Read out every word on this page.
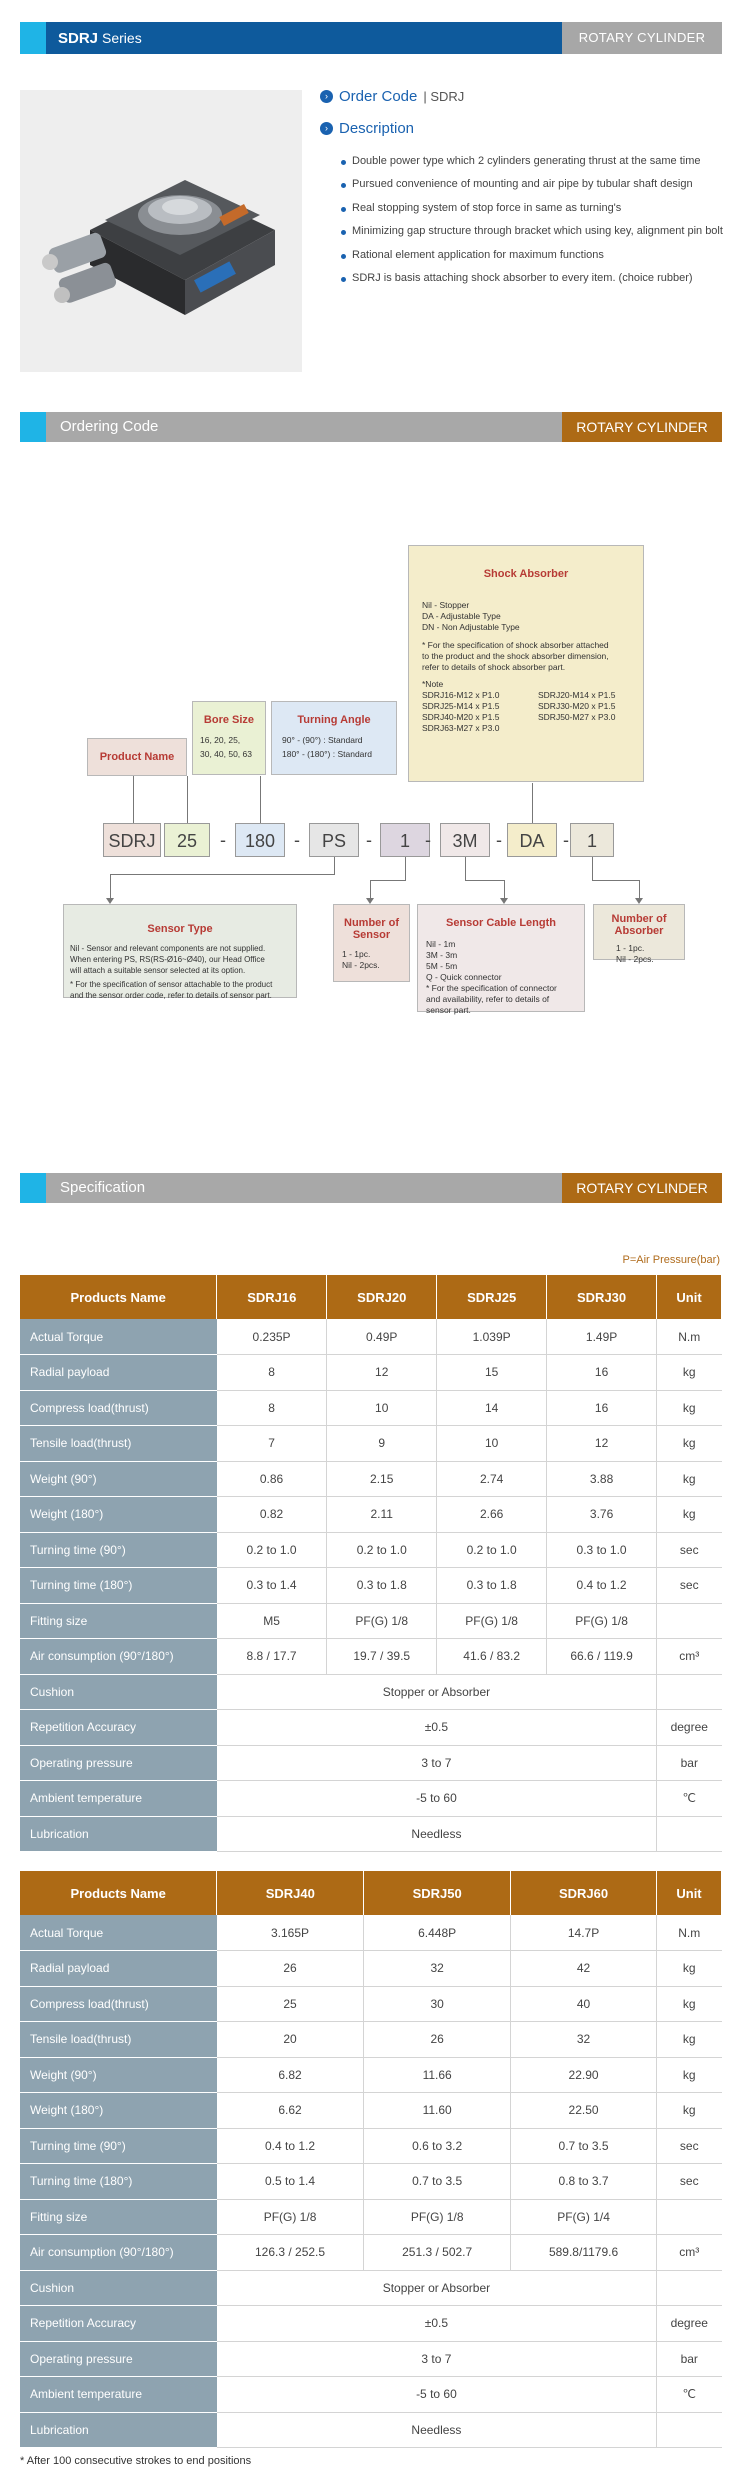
SDRJ Series	ROTARY CYLINDER
› Order Code | SDRJ
› Description
Double power type which 2 cylinders generating thrust at the same time
Pursued convenience of mounting and air pipe by tubular shaft design
Real stopping system of stop force in same as turning's
Minimizing gap structure through bracket which using key, alignment pin bolt
Rational element application for maximum functions
SDRJ is basis attaching shock absorber to every item. (choice rubber)
Ordering Code	ROTARY CYLINDER
Shock Absorber
Nil - Stopper
DA - Adjustable Type
DN - Non Adjustable Type
* For the specification of shock absorber attached
to the product and the shock absorber dimension,
refer to details of shock absorber part.
*Note
SDRJ16-M12 x P1.0
SDRJ25-M14 x P1.5
SDRJ40-M20 x P1.5
SDRJ63-M27 x P3.0
SDRJ20-M14 x P1.5
SDRJ30-M20 x P1.5
SDRJ50-M27 x P3.0
Bore Size
16, 20, 25,
30, 40, 50, 63
Turning Angle
90° - (90°) : Standard
180° - (180°) : Standard
Product Name
SDRJ	25	-	180	-	PS	-	1 -	3M	- DA	- 1
Sensor Type
Nil - Sensor and relevant components are not supplied.
When entering PS, RS(RS-Ø16~Ø40), our Head Office
will attach a suitable sensor selected at its option.
* For the specification of sensor attachable to the product
and the sensor order code, refer to details of sensor part.
Number of Sensor
1 - 1pc.
Nil - 2pcs.
Sensor Cable Length
Nil - 1m
3M - 3m
5M - 5m
Q - Quick connector
* For the specification of connector
and availability, refer to details of
sensor part.
Number of Absorber
1 - 1pc.
Nil - 2pcs.
Specification	ROTARY CYLINDER
P=Air Pressure(bar)
Products Name	SDRJ16	SDRJ20	SDRJ25	SDRJ30	Unit
Actual Torque	0.235P	0.49P	1.039P	1.49P	N.m
Radial payload	8	12	15	16	kg
Compress load(thrust)	8	10	14	16	kg
Tensile load(thrust)	7	9	10	12	kg
Weight (90°)	0.86	2.15	2.74	3.88	kg
Weight (180°)	0.82	2.11	2.66	3.76	kg
Turning time (90°)	0.2 to 1.0	0.2 to 1.0	0.2 to 1.0	0.3 to 1.0	sec
Turning time (180°)	0.3 to 1.4	0.3 to 1.8	0.3 to 1.8	0.4 to 1.2	sec
Fitting size	M5	PF(G) 1/8	PF(G) 1/8	PF(G) 1/8	
Air consumption (90°/180°)	8.8 / 17.7	19.7 / 39.5	41.6 / 83.2	66.6 / 119.9	cm³
Cushion	Stopper or Absorber				
Repetition Accuracy	±0.5				degree
Operating pressure	3 to 7				bar
Ambient temperature	-5 to 60				℃
Lubrication	Needless				
Products Name	SDRJ40	SDRJ50	SDRJ60	Unit
Actual Torque	3.165P	6.448P	14.7P	N.m
Radial payload	26	32	42	kg
Compress load(thrust)	25	30	40	kg
Tensile load(thrust)	20	26	32	kg
Weight (90°)	6.82	11.66	22.90	kg
Weight (180°)	6.62	11.60	22.50	kg
Turning time (90°)	0.4 to 1.2	0.6 to 3.2	0.7 to 3.5	sec
Turning time (180°)	0.5 to 1.4	0.7 to 3.5	0.8 to 3.7	sec
Fitting size	PF(G) 1/8	PF(G) 1/8	PF(G) 1/4	
Air consumption (90°/180°)	126.3 / 252.5	251.3 / 502.7	589.8/1179.6	cm³
Cushion	Stopper or Absorber			
Repetition Accuracy	±0.5			degree
Operating pressure	3 to 7			bar
Ambient temperature	-5 to 60			℃
Lubrication	Needless			
* After 100 consecutive strokes to end positions
